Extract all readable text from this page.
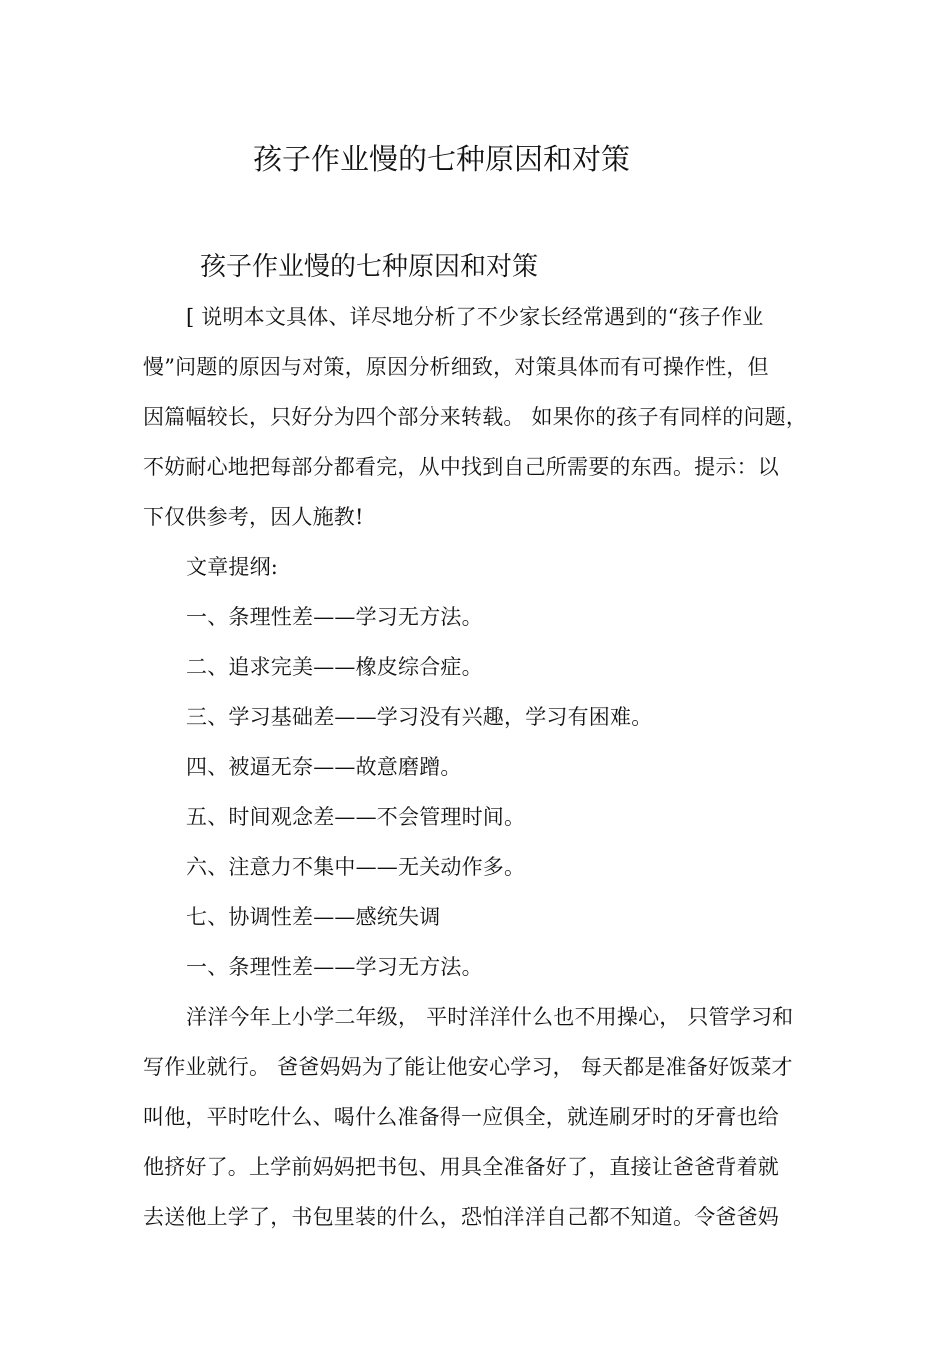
孩子作业慢的七种原因和对策
孩子作业慢的七种原因和对策
[ 说明本文具体、详尽地分析了不少家长经常遇到的“孩子作业
慢”问题的原因与对策，原因分析细致，对策具体而有可操作性，但
因篇幅较长，只好分为四个部分来转载。 如果你的孩子有同样的问题，
不妨耐心地把每部分都看完，从中找到自己所需要的东西。提示：以
下仅供参考，因人施教!
文章提纲:
一、条理性差——学习无方法。
二、追求完美——橡皮综合症。
三、学习基础差——学习没有兴趣，学习有困难。
四、被逼无奈——故意磨蹭。
五、时间观念差——不会管理时间。
六、注意力不集中——无关动作多。
七、协调性差——感统失调
一、条理性差——学习无方法。
洋洋今年上小学二年级， 平时洋洋什么也不用操心， 只管学习和
写作业就行。 爸爸妈妈为了能让他安心学习， 每天都是准备好饭菜才
叫他，平时吃什么、喝什么准备得一应俱全，就连刷牙时的牙膏也给
他挤好了。上学前妈妈把书包、用具全准备好了，直接让爸爸背着就
去送他上学了，书包里装的什么，恐怕洋洋自己都不知道。令爸爸妈
